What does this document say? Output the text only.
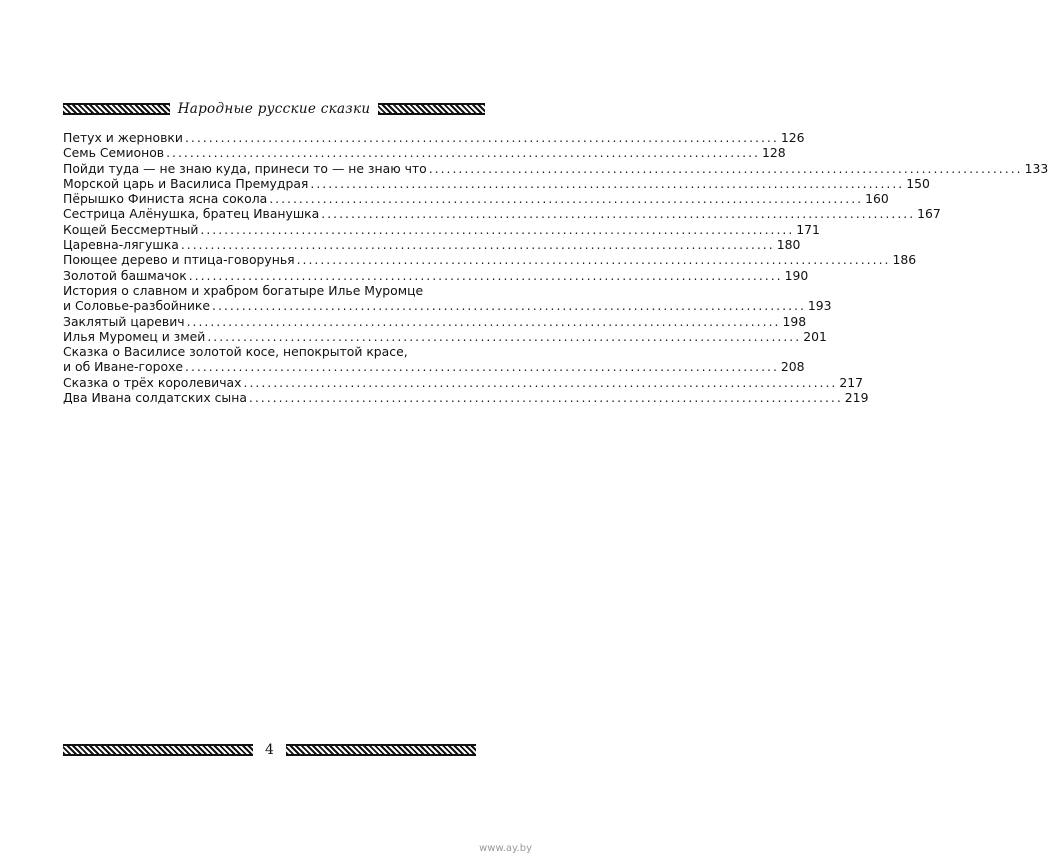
Народные русские сказки
Петух и жерновки .................................................................................................... 126
Семь Семионов .................................................................................................... 128
Пойди туда — не знаю куда, принеси то — не знаю что .................................................................................................... 133
Морской царь и Василиса Премудрая .................................................................................................... 150
Пёрышко Финиста ясна сокола .................................................................................................... 160
Сестрица Алёнушка, братец Иванушка .................................................................................................... 167
Кощей Бессмертный .................................................................................................... 171
Царевна-лягушка .................................................................................................... 180
Поющее дерево и птица-говорунья .................................................................................................... 186
Золотой башмачок .................................................................................................... 190
История о славном и храбром богатыре Илье Муромце
и Соловье-разбойнике .................................................................................................... 193
Заклятый царевич .................................................................................................... 198
Илья Муромец и змей .................................................................................................... 201
Сказка о Василисе золотой косе, непокрытой красе,
и об Иване-горохе .................................................................................................... 208
Сказка о трёх королевичах .................................................................................................... 217
Два Ивана солдатских сына .................................................................................................... 219
4
www.ay.by
